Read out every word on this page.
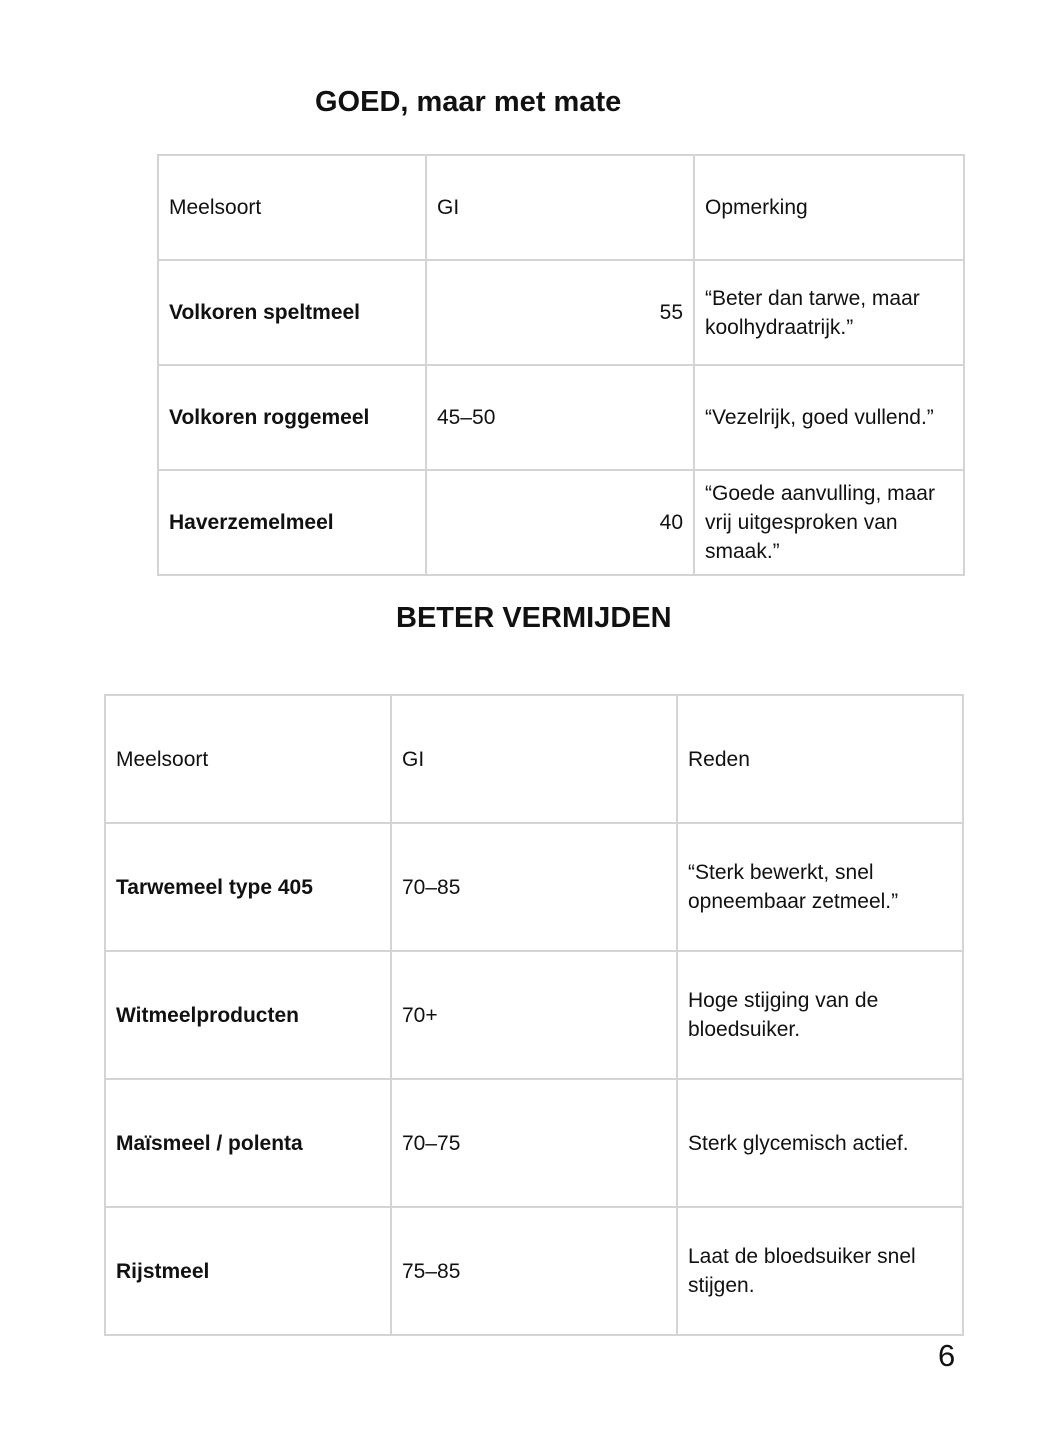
GOED, maar met mate
Meelsoort	GI	Opmerking
Volkoren speltmeel	55	“Beter dan tarwe, maar koolhydraatrijk.”
Volkoren roggemeel	45–50	“Vezelrijk, goed vullend.”
Haverzemelmeel	40	“Goede aanvulling, maar vrij uitgesproken van smaak.”
BETER VERMIJDEN
Meelsoort	GI	Reden
Tarwemeel type 405	70–85	“Sterk bewerkt, snel opneembaar zetmeel.”
Witmeelproducten	70+	Hoge stijging van de bloedsuiker.
Maïsmeel / polenta	70–75	Sterk glycemisch actief.
Rijstmeel	75–85	Laat de bloedsuiker snel stijgen.

6
